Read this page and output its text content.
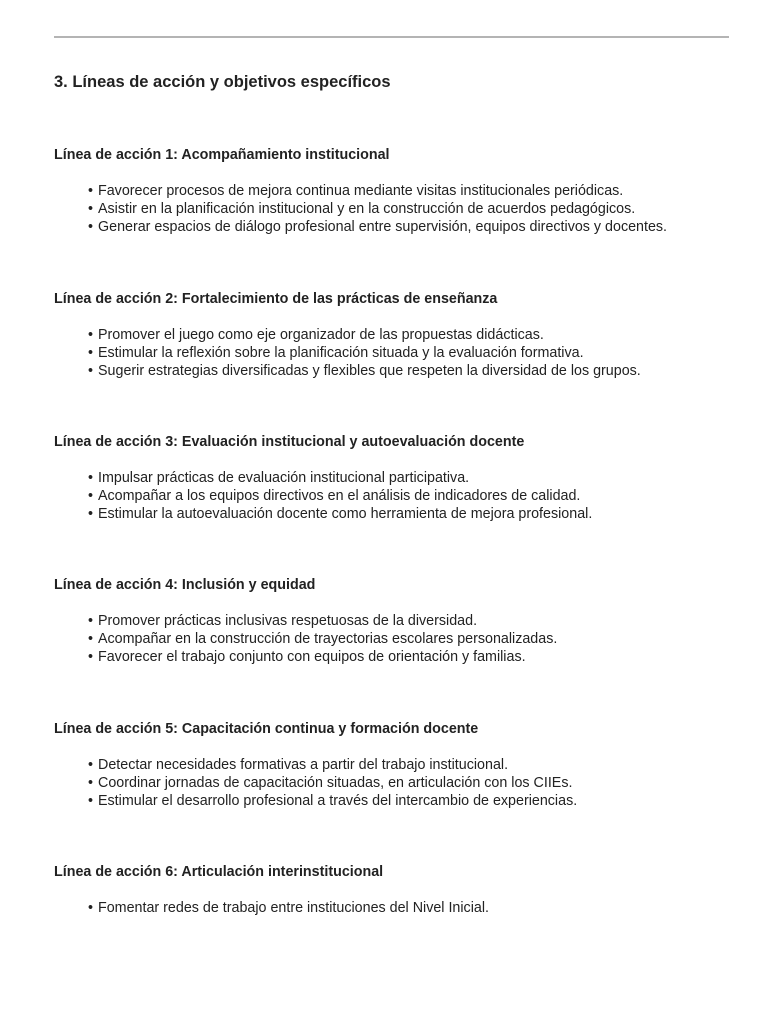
3. Líneas de acción y objetivos específicos
Línea de acción 1: Acompañamiento institucional
• Favorecer procesos de mejora continua mediante visitas institucionales periódicas.
• Asistir en la planificación institucional y en la construcción de acuerdos pedagógicos.
• Generar espacios de diálogo profesional entre supervisión, equipos directivos y docentes.
Línea de acción 2: Fortalecimiento de las prácticas de enseñanza
• Promover el juego como eje organizador de las propuestas didácticas.
• Estimular la reflexión sobre la planificación situada y la evaluación formativa.
• Sugerir estrategias diversificadas y flexibles que respeten la diversidad de los grupos.
Línea de acción 3: Evaluación institucional y autoevaluación docente
• Impulsar prácticas de evaluación institucional participativa.
• Acompañar a los equipos directivos en el análisis de indicadores de calidad.
• Estimular la autoevaluación docente como herramienta de mejora profesional.
Línea de acción 4: Inclusión y equidad
• Promover prácticas inclusivas respetuosas de la diversidad.
• Acompañar en la construcción de trayectorias escolares personalizadas.
• Favorecer el trabajo conjunto con equipos de orientación y familias.
Línea de acción 5: Capacitación continua y formación docente
• Detectar necesidades formativas a partir del trabajo institucional.
• Coordinar jornadas de capacitación situadas, en articulación con los CIIEs.
• Estimular el desarrollo profesional a través del intercambio de experiencias.
Línea de acción 6: Articulación interinstitucional
• Fomentar redes de trabajo entre instituciones del Nivel Inicial.
